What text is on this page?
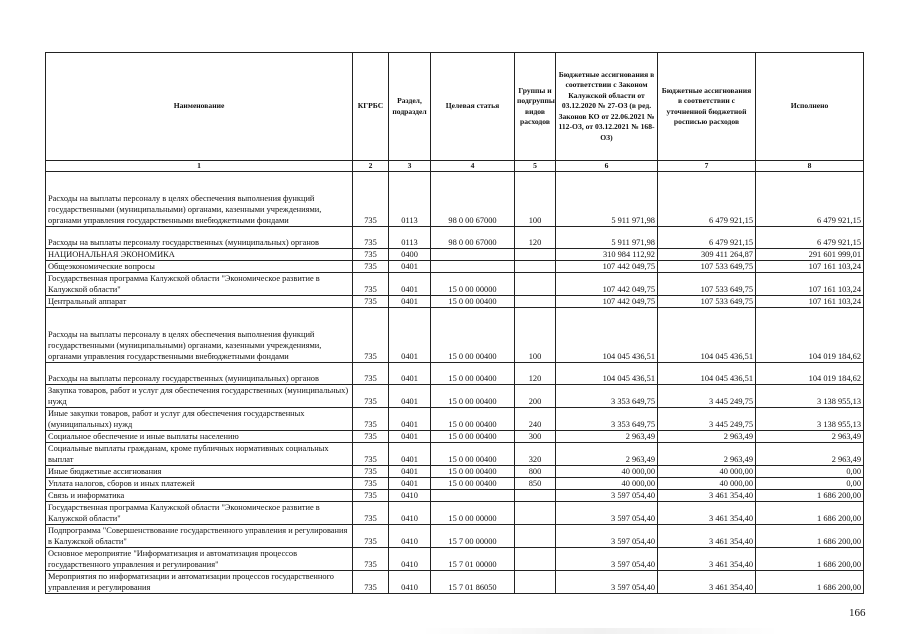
Наименование	КГРБС	Раздел, подраздел	Целевая статья	Группы и подгруппы видов расходов	Бюджетные ассигнования в соответствии с Законом Калужской области от 03.12.2020 № 27-ОЗ (в ред. Законов КО от 22.06.2021 № 112-ОЗ, от 03.12.2021 № 168-ОЗ)	Бюджетные ассигнования в соответствии с уточненной бюджетной росписью расходов	Исполнено
1	2	3	4	5	6	7	8
Расходы на выплаты персоналу в целях обеспечения выполнения функций государственными (муниципальными) органами, казенными учреждениями, органами управления государственными внебюджетными фондами	735	0113	98 0 00 67000	100	5 911 971,98	6 479 921,15	6 479 921,15
Расходы на выплаты персоналу государственных (муниципальных) органов	735	0113	98 0 00 67000	120	5 911 971,98	6 479 921,15	6 479 921,15
НАЦИОНАЛЬНАЯ ЭКОНОМИКА	735	0400			310 984 112,92	309 411 264,87	291 601 999,01
Общеэкономические вопросы	735	0401			107 442 049,75	107 533 649,75	107 161 103,24
Государственная программа Калужской области "Экономическое развитие в Калужской области"	735	0401	15 0 00 00000		107 442 049,75	107 533 649,75	107 161 103,24
Центральный аппарат	735	0401	15 0 00 00400		107 442 049,75	107 533 649,75	107 161 103,24
Расходы на выплаты персоналу в целях обеспечения выполнения функций государственными (муниципальными) органами, казенными учреждениями, органами управления государственными внебюджетными фондами	735	0401	15 0 00 00400	100	104 045 436,51	104 045 436,51	104 019 184,62
Расходы на выплаты персоналу государственных (муниципальных) органов	735	0401	15 0 00 00400	120	104 045 436,51	104 045 436,51	104 019 184,62
Закупка товаров, работ и услуг для обеспечения государственных (муниципальных) нужд	735	0401	15 0 00 00400	200	3 353 649,75	3 445 249,75	3 138 955,13
Иные закупки товаров, работ и услуг для обеспечения государственных (муниципальных) нужд	735	0401	15 0 00 00400	240	3 353 649,75	3 445 249,75	3 138 955,13
Социальное обеспечение и иные выплаты населению	735	0401	15 0 00 00400	300	2 963,49	2 963,49	2 963,49
Социальные выплаты гражданам, кроме публичных нормативных социальных выплат	735	0401	15 0 00 00400	320	2 963,49	2 963,49	2 963,49
Иные бюджетные ассигнования	735	0401	15 0 00 00400	800	40 000,00	40 000,00	0,00
Уплата налогов, сборов и иных платежей	735	0401	15 0 00 00400	850	40 000,00	40 000,00	0,00
Связь и информатика	735	0410			3 597 054,40	3 461 354,40	1 686 200,00
Государственная программа Калужской области "Экономическое развитие в Калужской области"	735	0410	15 0 00 00000		3 597 054,40	3 461 354,40	1 686 200,00
Подпрограмма "Совершенствование государственного управления и регулирования в Калужской области"	735	0410	15 7 00 00000		3 597 054,40	3 461 354,40	1 686 200,00
Основное мероприятие "Информатизация и автоматизация процессов государственного управления и регулирования"	735	0410	15 7 01 00000		3 597 054,40	3 461 354,40	1 686 200,00
Мероприятия по информатизации и автоматизации процессов государственного управления и регулирования	735	0410	15 7 01 86050		3 597 054,40	3 461 354,40	1 686 200,00
166
